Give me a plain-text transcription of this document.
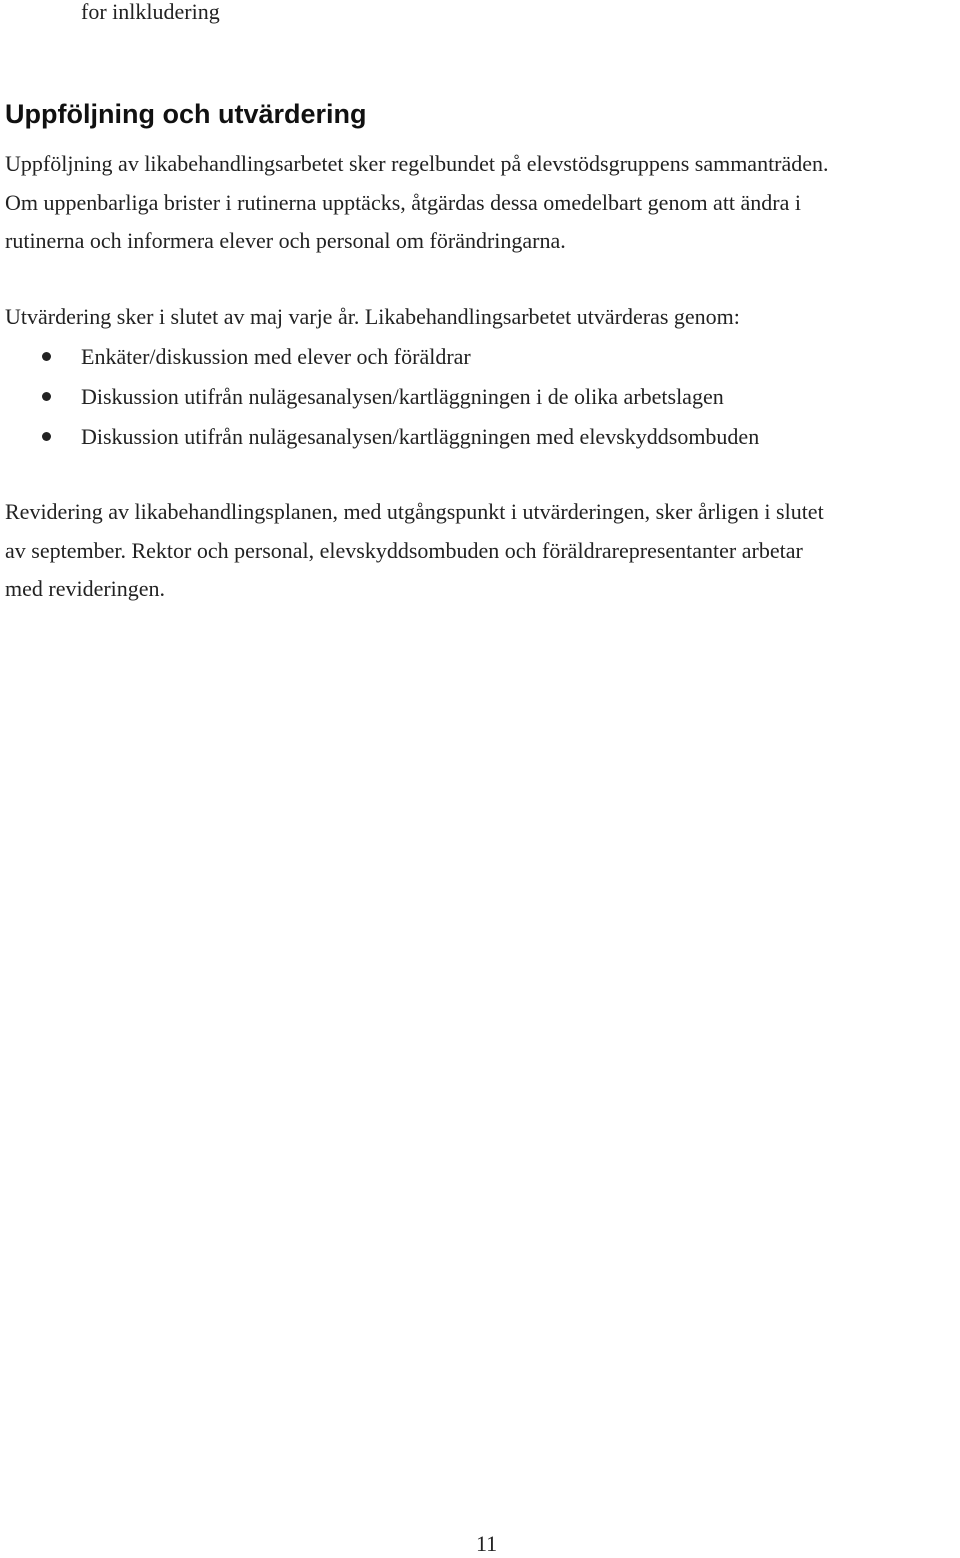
for inlkludering
Uppföljning och utvärdering

Uppföljning av likabehandlingsarbetet sker regelbundet på elevstödsgruppens sammanträden.
Om uppenbarliga brister i rutinerna upptäcks, åtgärdas dessa omedelbart genom att ändra i
rutinerna och informera elever och personal om förändringarna.

Utvärdering sker i slutet av maj varje år. Likabehandlingsarbetet utvärderas genom:

Enkäter/diskussion med elever och föräldrar
Diskussion utifrån nulägesanalysen/kartläggningen i de olika arbetslagen
Diskussion utifrån nulägesanalysen/kartläggningen med elevskyddsombuden

Revidering av likabehandlingsplanen, med utgångspunkt i utvärderingen, sker årligen i slutet
av september. Rektor och personal, elevskyddsombuden och föräldrarepresentanter arbetar
med revideringen.

11
